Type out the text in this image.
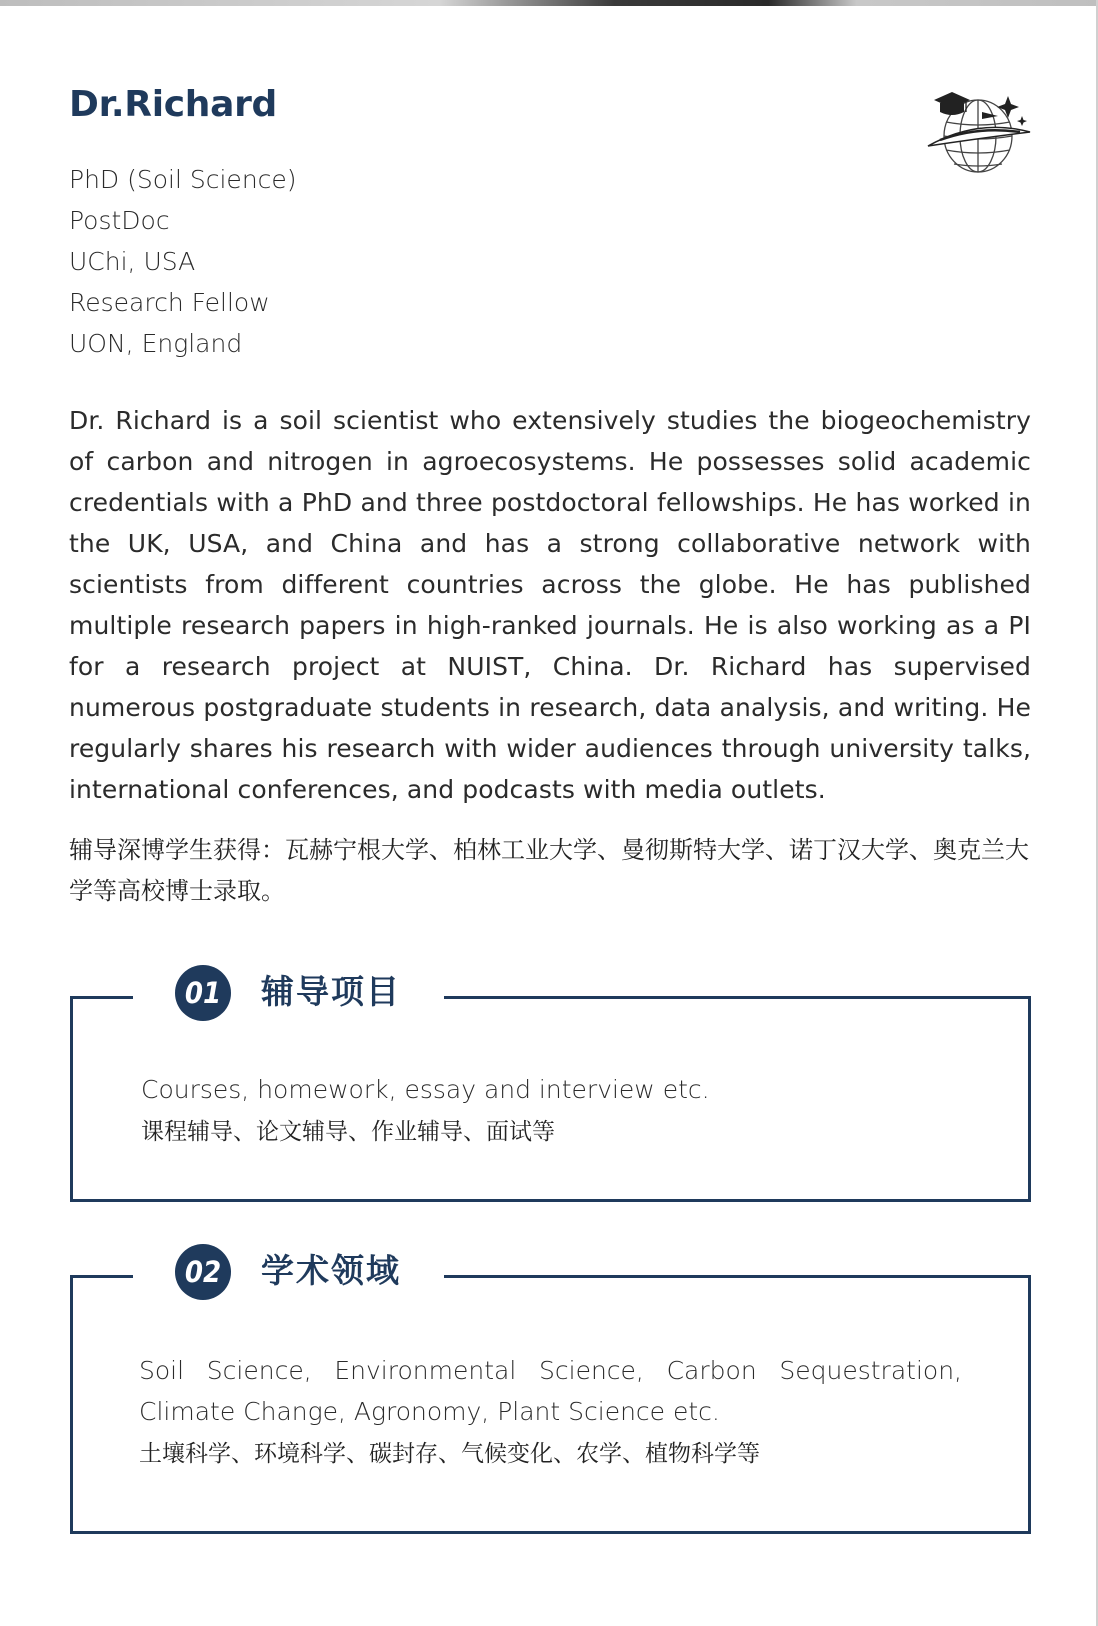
Dr.Richard
PhD (Soil Science)
PostDoc
UChi, USA
Research Fellow
UON, England

Dr. Richard is a soil scientist who extensively studies the biogeochemistry of carbon and nitrogen in agroecosystems. He possesses solid academic credentials with a PhD and three postdoctoral fellowships. He has worked in the UK, USA, and China and has a strong collaborative network with scientists from different countries across the globe. He has published multiple research papers in high-ranked journals. He is also working as a PI for a research project at NUIST, China. Dr. Richard has supervised numerous postgraduate students in research, data analysis, and writing. He regularly shares his research with wider audiences through university talks, international conferences, and podcasts with media outlets.

辅导深博学生获得：瓦赫宁根大学、柏林工业大学、曼彻斯特大学、诺丁汉大学、奥克兰大学等高校博士录取。

01 辅导项目

Courses, homework, essay and interview etc.

课程辅导、论文辅导、作业辅导、面试等

02 学术领域

Soil Science, Environmental Science, Carbon Sequestration, Climate Change, Agronomy, Plant Science etc.

土壤科学、环境科学、碳封存、气候变化、农学、植物科学等
